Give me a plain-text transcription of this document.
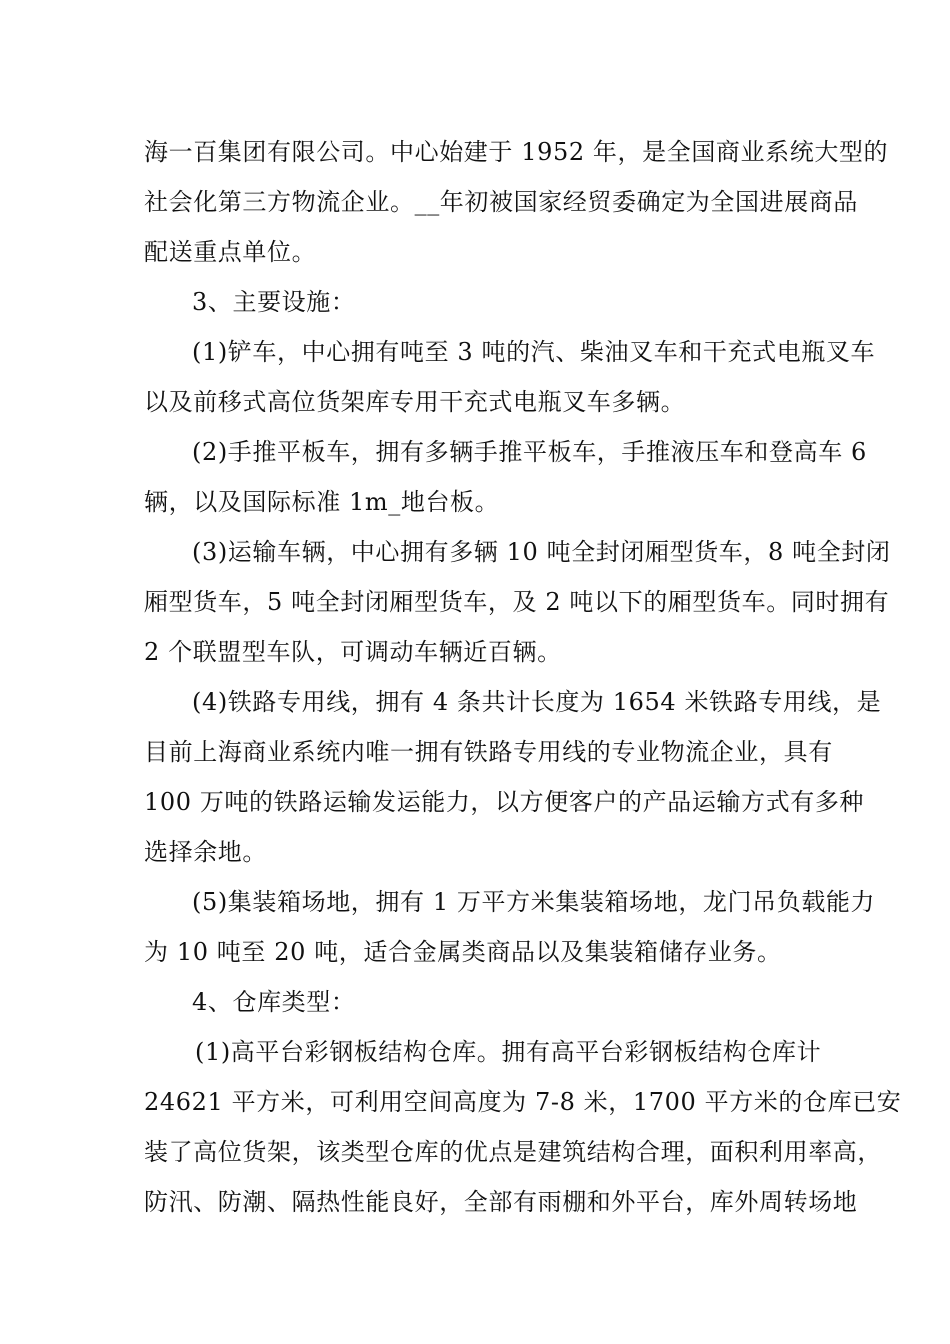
海一百集团有限公司。中心始建于 1952 年，是全国商业系统大型的
社会化第三方物流企业。__年初被国家经贸委确定为全国进展商品
配送重点单位。
3、主要设施：
(1)铲车，中心拥有吨至 3 吨的汽、柴油叉车和干充式电瓶叉车
以及前移式高位货架库专用干充式电瓶叉车多辆。
(2)手推平板车，拥有多辆手推平板车，手推液压车和登高车 6
辆，以及国际标准 1m_地台板。
(3)运输车辆，中心拥有多辆 10 吨全封闭厢型货车，8 吨全封闭
厢型货车，5 吨全封闭厢型货车，及 2 吨以下的厢型货车。同时拥有
2 个联盟型车队，可调动车辆近百辆。
(4)铁路专用线，拥有 4 条共计长度为 1654 米铁路专用线，是
目前上海商业系统内唯一拥有铁路专用线的专业物流企业，具有
100 万吨的铁路运输发运能力，以方便客户的产品运输方式有多种
选择余地。
(5)集装箱场地，拥有 1 万平方米集装箱场地，龙门吊负载能力
为 10 吨至 20 吨，适合金属类商品以及集装箱储存业务。
4、仓库类型：
(1)高平台彩钢板结构仓库。拥有高平台彩钢板结构仓库计
24621 平方米，可利用空间高度为 7-8 米，1700 平方米的仓库已安
装了高位货架，该类型仓库的优点是建筑结构合理，面积利用率高，
防汛、防潮、隔热性能良好，全部有雨棚和外平台，库外周转场地
